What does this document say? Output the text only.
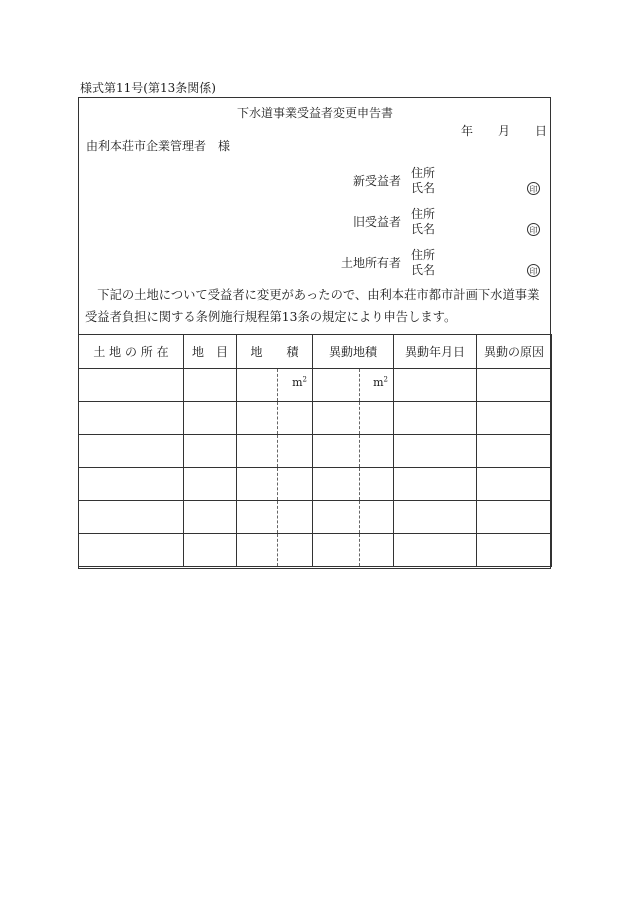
様式第11号(第13条関係)
下水道事業受益者変更申告書
年 月 日
由利本荘市企業管理者　様
新受益者
住所
氏名	印
旧受益者
住所
氏名	印
土地所有者
住所
氏名	印
　下記の土地について受益者に変更があったので、由利本荘市都市計画下水道事業受益者負担に関する条例施行規程第13条の規定により申告します。
土 地 の 所 在	地　目	地　　積		異動地積		異動年月日	異動の原因
			$m^2$		$m^2$		
